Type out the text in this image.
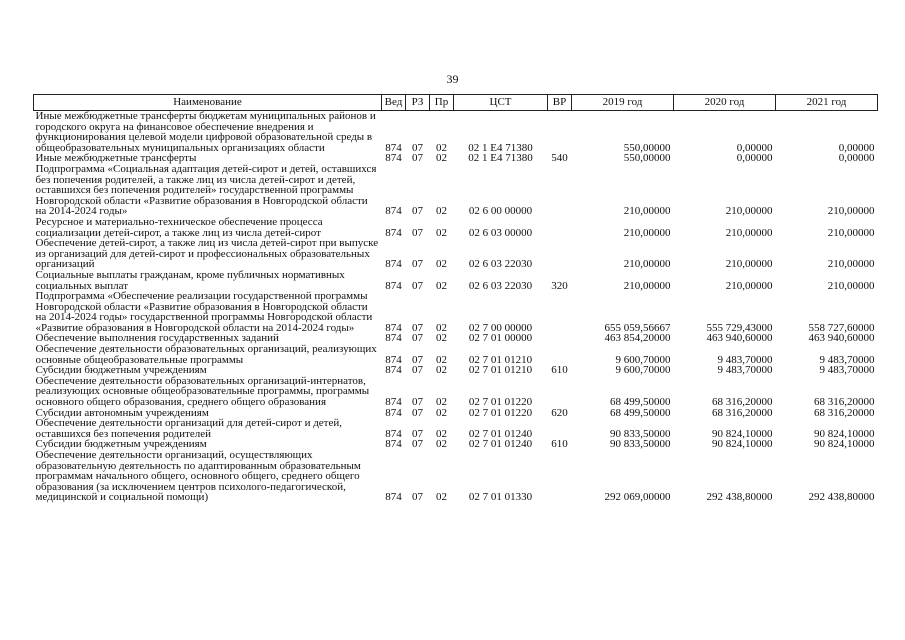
39
Наименование	Вед	РЗ	Пр	ЦСТ	ВР	2019 год	2020 год	2021 год
Иные межбюджетные трансферты бюджетам муниципальных районов и городского округа на финансовое обеспечение внедрения и функционирования целевой модели цифровой образовательной среды в общеобразовательных муниципальных организациях области	874	07	02	02 1 Е4 71380		550,00000	0,00000	0,00000
Иные межбюджетные трансферты	874	07	02	02 1 Е4 71380	540	550,00000	0,00000	0,00000
Подпрограмма «Социальная адаптация детей-сирот и детей, оставшихся без попечения родителей, а также лиц из числа детей-сирот и детей, оставшихся без попечения родителей» государственной программы Новгородской области «Развитие образования в Новгородской области на 2014-2024 годы»	874	07	02	02 6 00 00000		210,00000	210,00000	210,00000
Ресурсное и материально-техническое обеспечение процесса социализации детей-сирот, а также лиц из числа детей-сирот	874	07	02	02 6 03 00000		210,00000	210,00000	210,00000
Обеспечение детей-сирот, а также лиц из числа детей-сирот при выпуске из организаций для детей-сирот и профессиональных образовательных организаций	874	07	02	02 6 03 22030		210,00000	210,00000	210,00000
Социальные выплаты гражданам, кроме публичных нормативных социальных выплат	874	07	02	02 6 03 22030	320	210,00000	210,00000	210,00000
Подпрограмма «Обеспечение реализации государственной программы Новгородской области «Развитие образования в Новгородской области на 2014-2024 годы» государственной программы Новгородской области «Развитие образования в Новгородской области на 2014-2024 годы»	874	07	02	02 7 00 00000		655 059,56667	555 729,43000	558 727,60000
Обеспечение выполнения государственных заданий	874	07	02	02 7 01 00000		463 854,20000	463 940,60000	463 940,60000
Обеспечение деятельности образовательных организаций, реализующих основные общеобразовательные программы	874	07	02	02 7 01 01210		9 600,70000	9 483,70000	9 483,70000
Субсидии бюджетным учреждениям	874	07	02	02 7 01 01210	610	9 600,70000	9 483,70000	9 483,70000
Обеспечение деятельности образовательных организаций-интернатов, реализующих основные общеобразовательные программы, программы основного общего образования, среднего общего образования	874	07	02	02 7 01 01220		68 499,50000	68 316,20000	68 316,20000
Субсидии автономным учреждениям	874	07	02	02 7 01 01220	620	68 499,50000	68 316,20000	68 316,20000
Обеспечение деятельности организаций для детей-сирот и детей, оставшихся без попечения родителей	874	07	02	02 7 01 01240		90 833,50000	90 824,10000	90 824,10000
Субсидии бюджетным учреждениям	874	07	02	02 7 01 01240	610	90 833,50000	90 824,10000	90 824,10000
Обеспечение деятельности организаций, осуществляющих образовательную деятельность по адаптированным образовательным программам начального общего, основного общего, среднего общего образования (за исключением центров психолого-педагогической, медицинской и социальной помощи)	874	07	02	02 7 01 01330		292 069,00000	292 438,80000	292 438,80000
